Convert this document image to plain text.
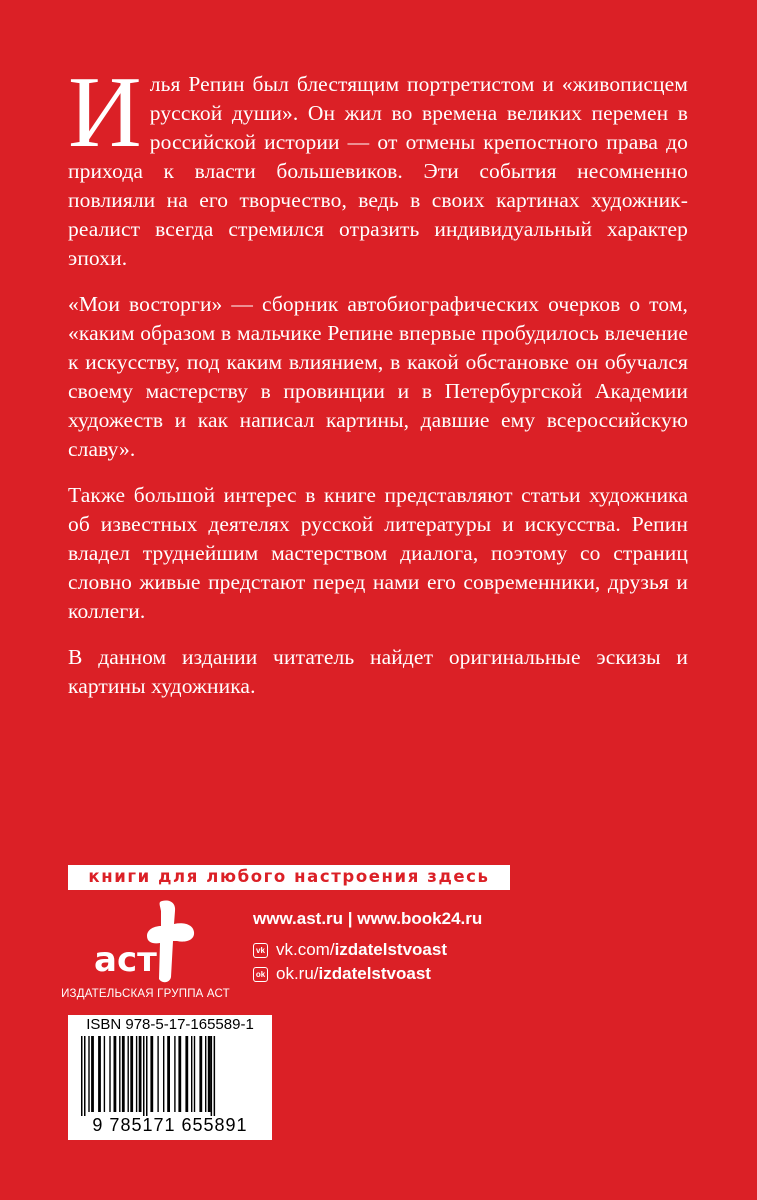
Илья Репин был блестящим портретистом и «живописцем русской души». Он жил во времена великих перемен в российской истории — от отмены крепостного права до прихода к власти большевиков. Эти события несомненно повлияли на его творчество, ведь в своих картинах художник-реалист всегда стремился отразить индивидуальный характер эпохи.

«Мои восторги» — сборник автобиографических очерков о том, «каким образом в мальчике Репине впервые пробудилось влечение к искусству, под каким влиянием, в какой обстановке он обучался своему мастерству в провинции и в Петербургской Академии художеств и как написал картины, давшие ему всероссийскую славу».

Также большой интерес в книге представляют статьи художника об известных деятелях русской литературы и искусства. Репин владел труднейшим мастерством диалога, поэтому со страниц словно живые предстают перед нами его современники, друзья и коллеги.

В данном издании читатель найдет оригинальные эскизы и картины художника.

книги для любого настроения здесь
аст
ИЗДАТЕЛЬСКАЯ ГРУППА АСТ
www.ast.ru | www.book24.ru
vk vk.com/izdatelstvoast
ok ok.ru/izdatelstvoast
ISBN 978-5-17-165589-1
9 785171 655891
